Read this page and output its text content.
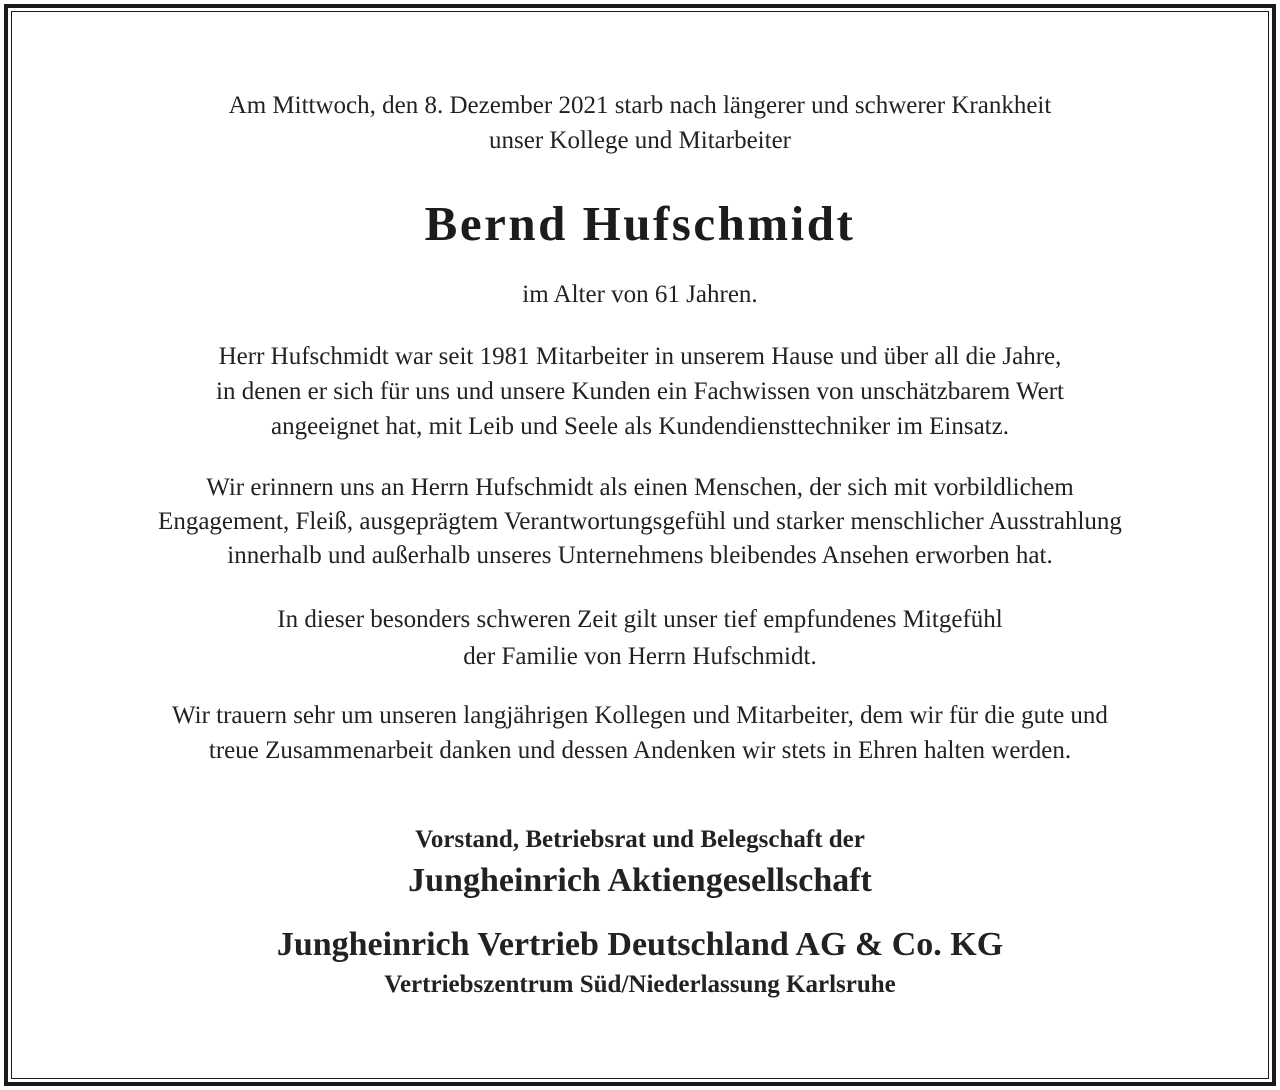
Am Mittwoch, den 8. Dezember 2021 starb nach längerer und schwerer Krankheit
unser Kollege und Mitarbeiter
Bernd Hufschmidt
im Alter von 61 Jahren.
Herr Hufschmidt war seit 1981 Mitarbeiter in unserem Hause und über all die Jahre,
in denen er sich für uns und unsere Kunden ein Fachwissen von unschätzbarem Wert
angeeignet hat, mit Leib und Seele als Kundendiensttechniker im Einsatz.
Wir erinnern uns an Herrn Hufschmidt als einen Menschen, der sich mit vorbildlichem
Engagement, Fleiß, ausgeprägtem Verantwortungsgefühl und starker menschlicher Ausstrahlung
innerhalb und außerhalb unseres Unternehmens bleibendes Ansehen erworben hat.
In dieser besonders schweren Zeit gilt unser tief empfundenes Mitgefühl
der Familie von Herrn Hufschmidt.
Wir trauern sehr um unseren langjährigen Kollegen und Mitarbeiter, dem wir für die gute und
treue Zusammenarbeit danken und dessen Andenken wir stets in Ehren halten werden.
Vorstand, Betriebsrat und Belegschaft der
Jungheinrich Aktiengesellschaft
Jungheinrich Vertrieb Deutschland AG & Co. KG
Vertriebszentrum Süd/Niederlassung Karlsruhe
